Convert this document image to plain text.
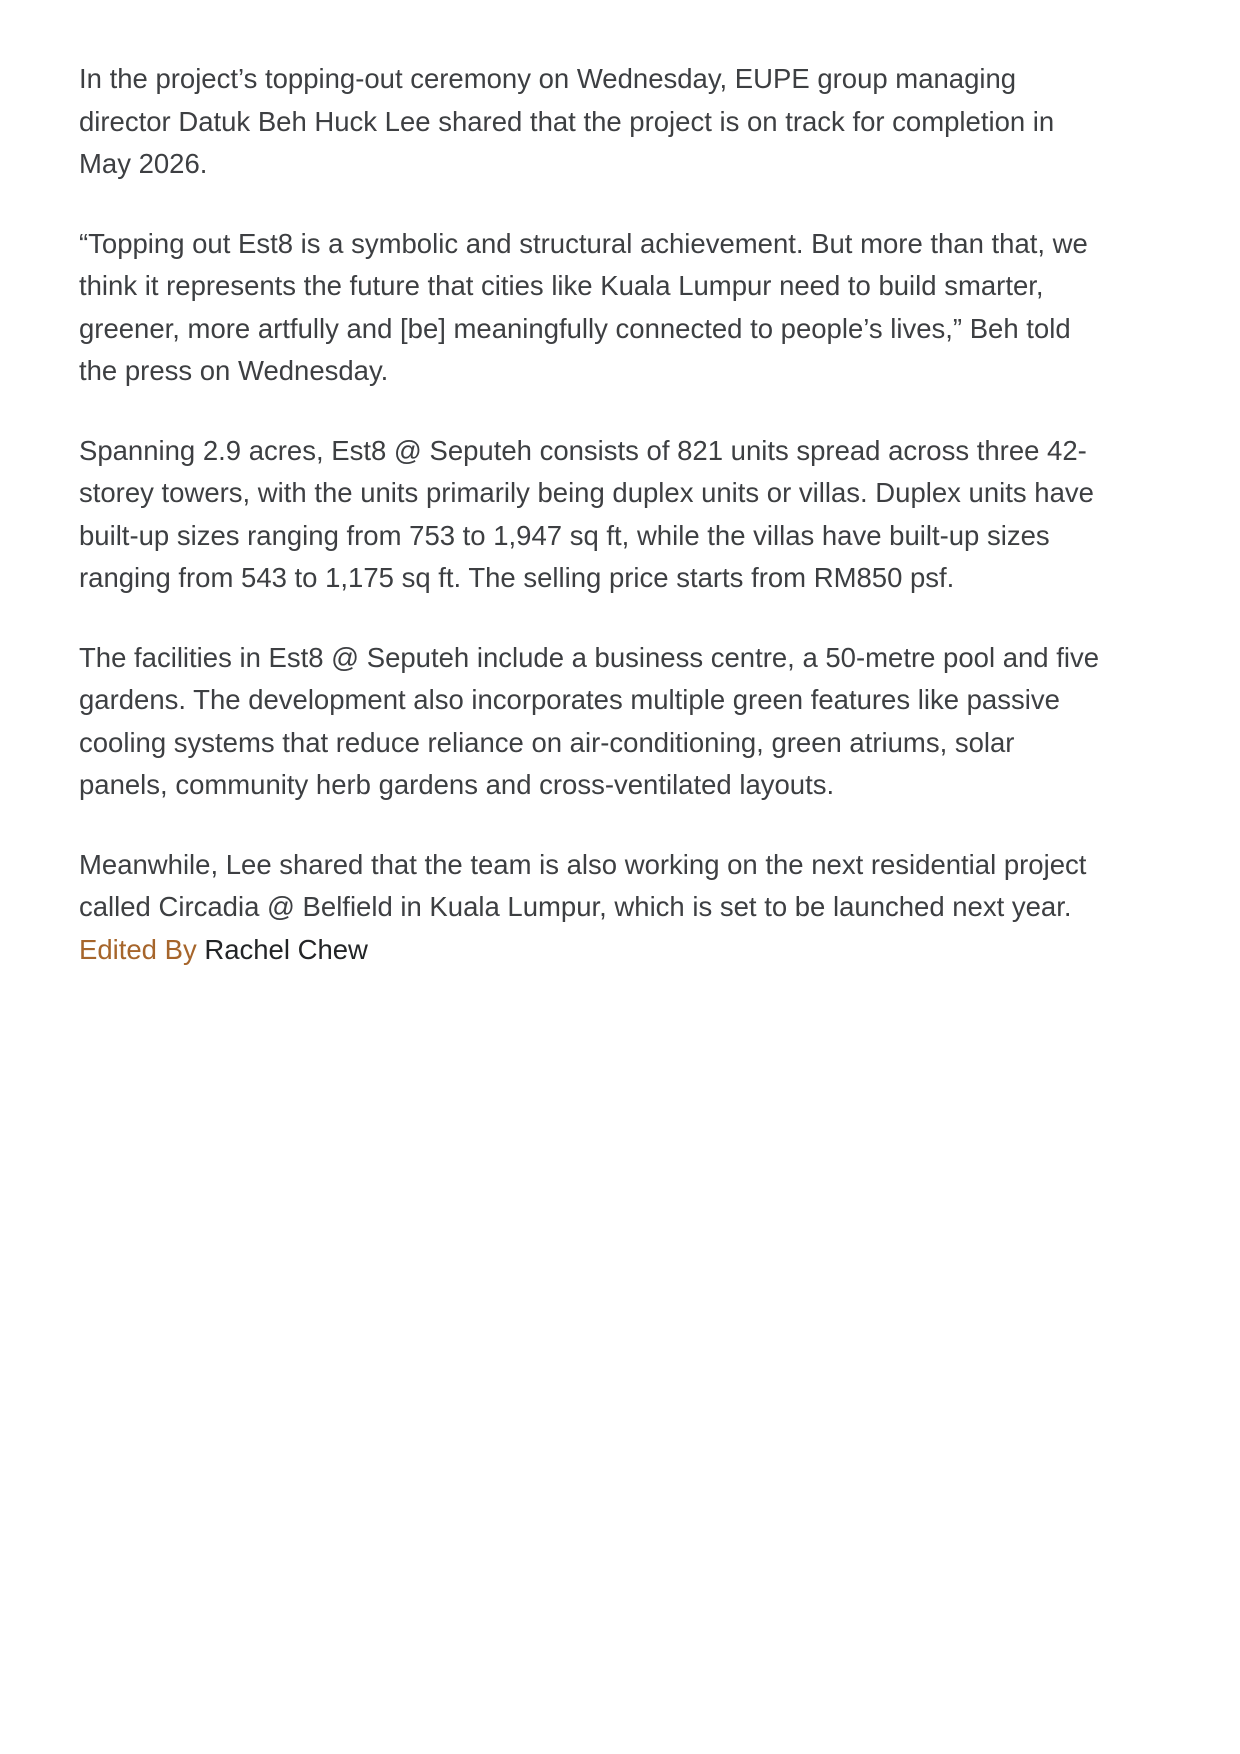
In the project’s topping-out ceremony on Wednesday, EUPE group managing director Datuk Beh Huck Lee shared that the project is on track for completion in May 2026.

“Topping out Est8 is a symbolic and structural achievement. But more than that, we think it represents the future that cities like Kuala Lumpur need to build smarter, greener, more artfully and [be] meaningfully connected to people’s lives,” Beh told the press on Wednesday.

Spanning 2.9 acres, Est8 @ Seputeh consists of 821 units spread across three 42-storey towers, with the units primarily being duplex units or villas. Duplex units have built-up sizes ranging from 753 to 1,947 sq ft, while the villas have built-up sizes ranging from 543 to 1,175 sq ft. The selling price starts from RM850 psf.

The facilities in Est8 @ Seputeh include a business centre, a 50-metre pool and five gardens. The development also incorporates multiple green features like passive cooling systems that reduce reliance on air-conditioning, green atriums, solar panels, community herb gardens and cross-ventilated layouts.

Meanwhile, Lee shared that the team is also working on the next residential project called Circadia @ Belfield in Kuala Lumpur, which is set to be launched next year.

Edited By Rachel Chew
